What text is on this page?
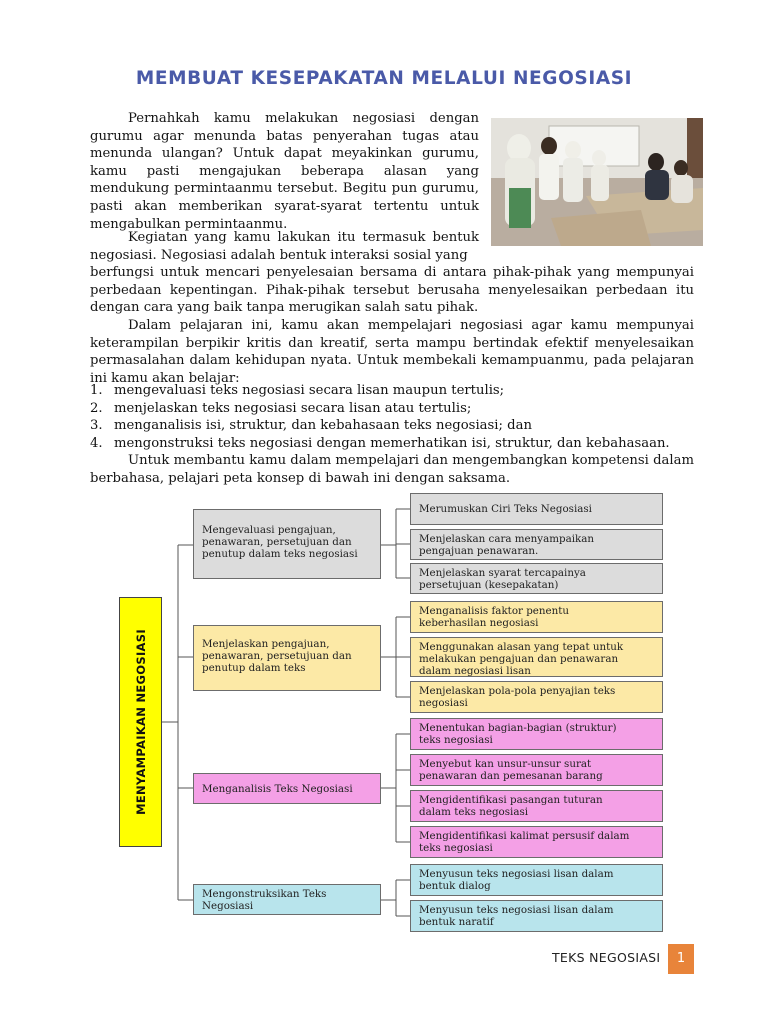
MEMBUAT KESEPAKATAN MELALUI NEGOSIASI

Pernahkah kamu melakukan negosiasi dengan gurumu agar menunda batas penyerahan tugas atau menunda ulangan? Untuk dapat meyakinkan gurumu, kamu pasti mengajukan beberapa alasan yang mendukung permintaanmu tersebut. Begitu pun gurumu, pasti akan memberikan syarat-syarat tertentu untuk mengabulkan permintaanmu.

Kegiatan yang kamu lakukan itu termasuk bentuk negosiasi. Negosiasi adalah bentuk interaksi sosial yang

berfungsi untuk mencari penyelesaian bersama di antara pihak-pihak yang mempunyai perbedaan kepentingan. Pihak-pihak tersebut berusaha menyelesaikan perbedaan itu dengan cara yang baik tanpa merugikan salah satu pihak.

Dalam pelajaran ini, kamu akan mempelajari negosiasi agar kamu mempunyai keterampilan berpikir kritis dan kreatif, serta mampu bertindak efektif menyelesaikan permasalahan dalam kehidupan nyata. Untuk membekali kemampuanmu, pada pelajaran ini kamu akan belajar:

1. mengevaluasi teks negosiasi secara lisan maupun tertulis;
2. menjelaskan teks negosiasi secara lisan atau tertulis;
3. menganalisis isi, struktur, dan kebahasaan teks negosiasi; dan
4. mengonstruksi teks negosiasi dengan memerhatikan isi, struktur, dan kebahasaan.

Untuk membantu kamu dalam mempelajari dan mengembangkan kompetensi dalam berbahasa, pelajari peta konsep di bawah ini dengan saksama.

MENYAMPAIKAN NEGOSIASI
Mengevaluasi pengajuan,
penawaran, persetujuan dan
penutup dalam teks negosiasi
Merumuskan Ciri Teks Negosiasi
Menjelaskan cara menyampaikan
pengajuan penawaran.
Menjelaskan syarat tercapainya
persetujuan (kesepakatan)
Menjelaskan pengajuan,
penawaran, persetujuan dan
penutup dalam teks
Menganalisis faktor penentu
keberhasilan negosiasi
Menggunakan alasan yang tepat untuk
melakukan pengajuan dan penawaran
dalam negosiasi lisan
Menjelaskan pola-pola penyajian teks
negosiasi
Menganalisis Teks Negosiasi
Menentukan bagian-bagian (struktur)
teks negosiasi
Menyebut kan unsur-unsur surat
penawaran dan pemesanan barang
Mengidentifikasi pasangan tuturan
dalam teks negosiasi
Mengidentifikasi kalimat persusif dalam
teks negosiasi
Mengonstruksikan Teks
Negosiasi
Menyusun teks negosiasi lisan dalam
bentuk dialog
Menyusun teks negosiasi lisan dalam
bentuk naratif
TEKS NEGOSIASI	1
